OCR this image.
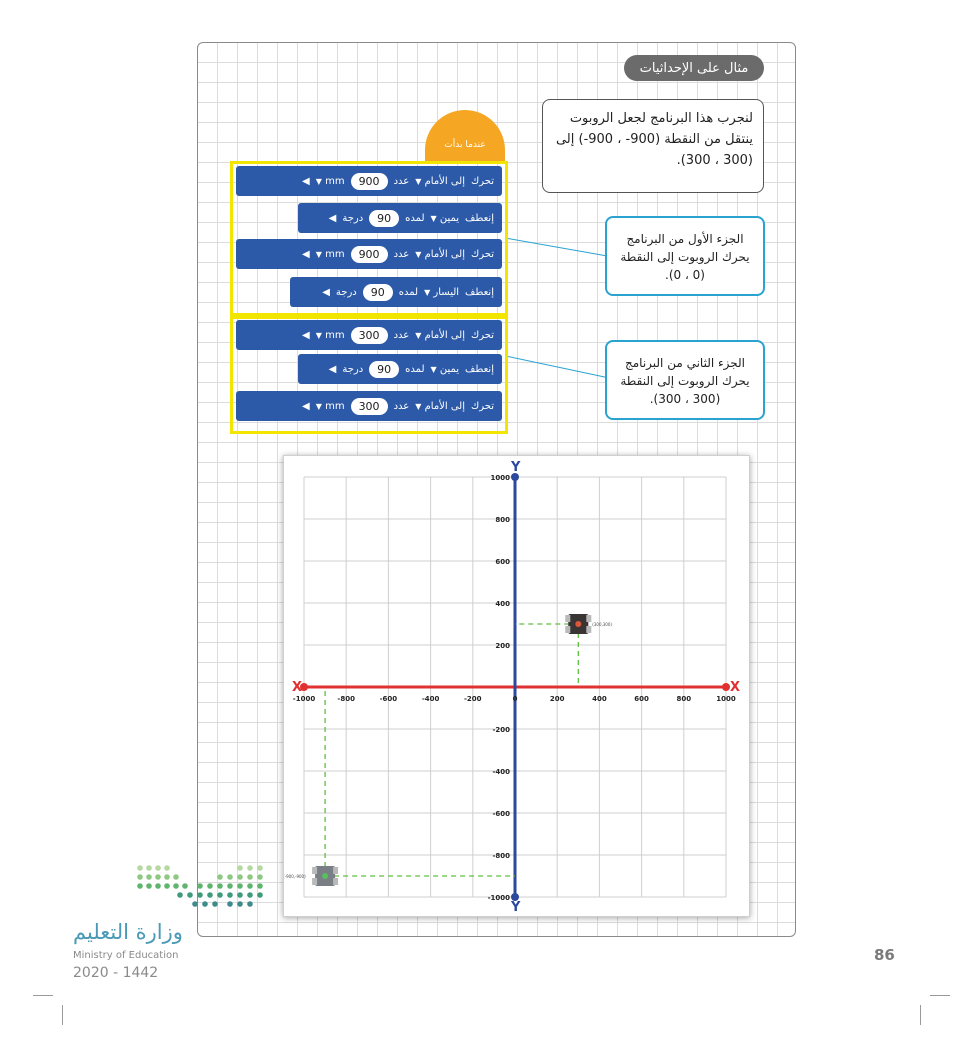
مثال على الإحداثيات
لنجرب هذا البرنامج لجعل الروبوت ينتقل من النقطة (900- ، 900-) إلى (300 ، 300).
عندما بدأت
تحرك
إلى الأمام ▼
عدد
900
mm ▼
◀
إنعطف
يمين ▼
لمده
90
درجة
◀
تحرك
إلى الأمام ▼
عدد
900
mm ▼
◀
إنعطف
اليسار ▼
لمده
90
درجة
◀
تحرك
إلى الأمام ▼
عدد
300
mm ▼
◀
إنعطف
يمين ▼
لمده
90
درجة
◀
تحرك
إلى الأمام ▼
عدد
300
mm ▼
◀
الجزء الأول من البرنامج يحرك الروبوت إلى النقطة (0 ، 0).
الجزء الثاني من البرنامج يحرك الروبوت إلى النقطة (300 ، 300).
X	X
Y
Y
-1000	-800	-600	-400	-200	0	200	400	600	800	1000
1000
800
600
400
200
-200
-400
-600
-800
-1000
(-900,-900)
(300,300)
وزارة التعليم
Ministry of Education
2020 - 1442
86
